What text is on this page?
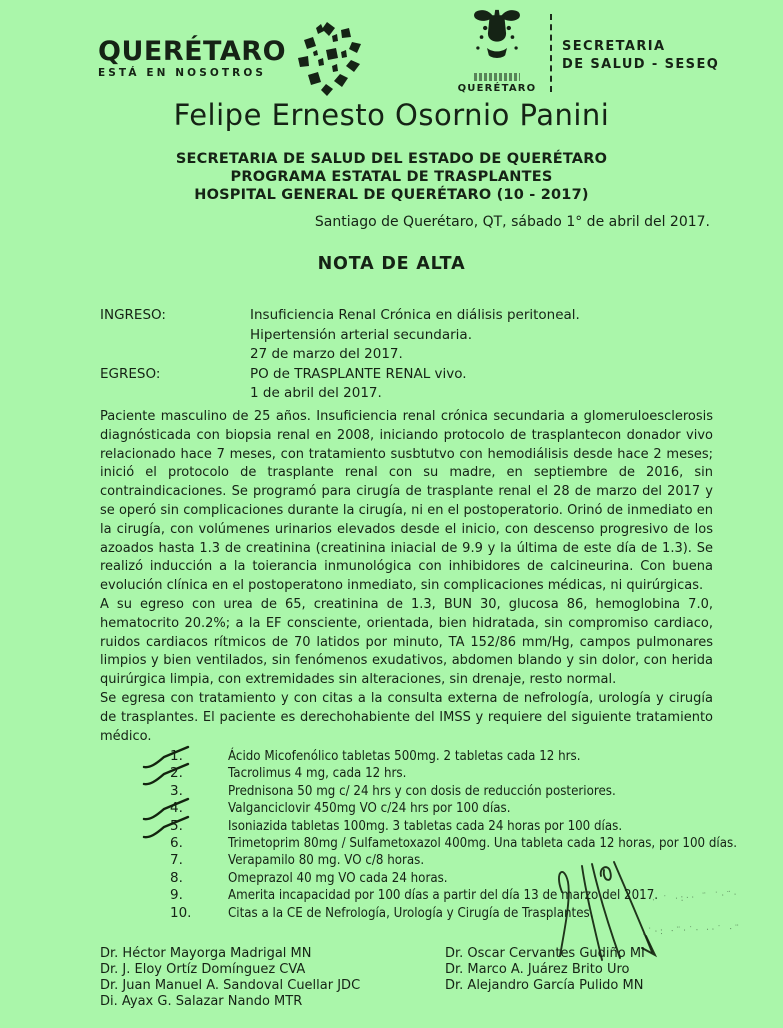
QUERÉTARO
ESTÁ EN NOSOTROS
QUERÉTARO
SECRETARIA
DE SALUD - SESEQ
Felipe Ernesto Osornio Panini
SECRETARIA DE SALUD DEL ESTADO DE QUERÉTARO
PROGRAMA ESTATAL DE TRASPLANTES
HOSPITAL GENERAL DE QUERÉTARO (10 - 2017)
Santiago de Querétaro, QT, sábado 1° de abril del 2017.
NOTA DE ALTA
INGRESO:	Insuficiencia Renal Crónica en diálisis peritoneal.
Hipertensión arterial secundaria.
27 de marzo del 2017.
EGRESO:	PO de TRASPLANTE RENAL vivo.
1 de abril del 2017.
Paciente masculino de 25 años. Insuficiencia renal crónica secundaria a glomeruloesclerosis diagnósticada con biopsia renal en 2008, iniciando protocolo de trasplantecon donador vivo relacionado hace 7 meses, con tratamiento susbtutvo con hemodiálisis desde hace 2 meses; inició el protocolo de trasplante renal con su madre, en septiembre de 2016, sin contraindicaciones. Se programó para cirugía de trasplante renal el 28 de marzo del 2017 y se operó sin complicaciones durante la cirugía, ni en el postoperatorio. Orinó de inmediato en la cirugía, con volúmenes urinarios elevados desde el inicio, con descenso progresivo de los azoados hasta 1.3 de creatinina (creatinina iniacial de 9.9 y la última de este día de 1.3). Se realizó inducción a la toierancia inmunológica con inhibidores de calcineurina. Con buena evolución clínica en el postoperatono inmediato, sin complicaciones médicas, ni quirúrgicas.

A su egreso con urea de 65, creatinina de 1.3, BUN 30, glucosa 86, hemoglobina 7.0, hematocrito 20.2%; a la EF consciente, orientada, bien hidratada, sin compromiso cardiaco, ruidos cardiacos rítmicos de 70 latidos por minuto, TA 152/86 mm/Hg, campos pulmonares limpios y bien ventilados, sin fenómenos exudativos, abdomen blando y sin dolor, con herida quirúrgica limpia, con extremidades sin alteraciones, sin drenaje, resto normal.

Se egresa con tratamiento y con citas a la consulta externa de nefrología, urología y cirugía de trasplantes. El paciente es derechohabiente del IMSS y requiere del siguiente tratamiento médico.

1.	Ácido Micofenólico tabletas 500mg. 2 tabletas cada 12 hrs.
2.	Tacrolimus 4 mg, cada 12 hrs.
3.	Prednisona 50 mg c/ 24 hrs y con dosis de reducción posteriores.
4.	Valganciclovir 450mg VO c/24 hrs por 100 días.
5.	Isoniazida tabletas 100mg. 3 tabletas cada 24 horas por 100 días.
6.	Trimetoprim 80mg / Sulfametoxazol 400mg. Una tableta cada 12 horas, por 100 días.
7.	Verapamilo 80 mg. VO c/8 horas.
8.	Omeprazol 40 mg VO cada 24 horas.
9.	Amerita incapacidad por 100 días a partir del día 13 de marzo del 2017.
10.	Citas a la CE de Nefrología, Urología y Cirugía de Trasplantes.
· ˙ ·:·· ¨ ˙·¨·
:˙·: ·¨·˙· ··˙ ·¨
Dr. Héctor Mayorga Madrigal MN
Dr. J. Eloy Ortíz Domínguez CVA
Dr. Juan Manuel A. Sandoval Cuellar JDC
Di. Ayax G. Salazar Nando MTR
Dr. Oscar Cervantes Gudiño MI
Dr. Marco A. Juárez Brito Uro
Dr. Alejandro García Pulido MN
